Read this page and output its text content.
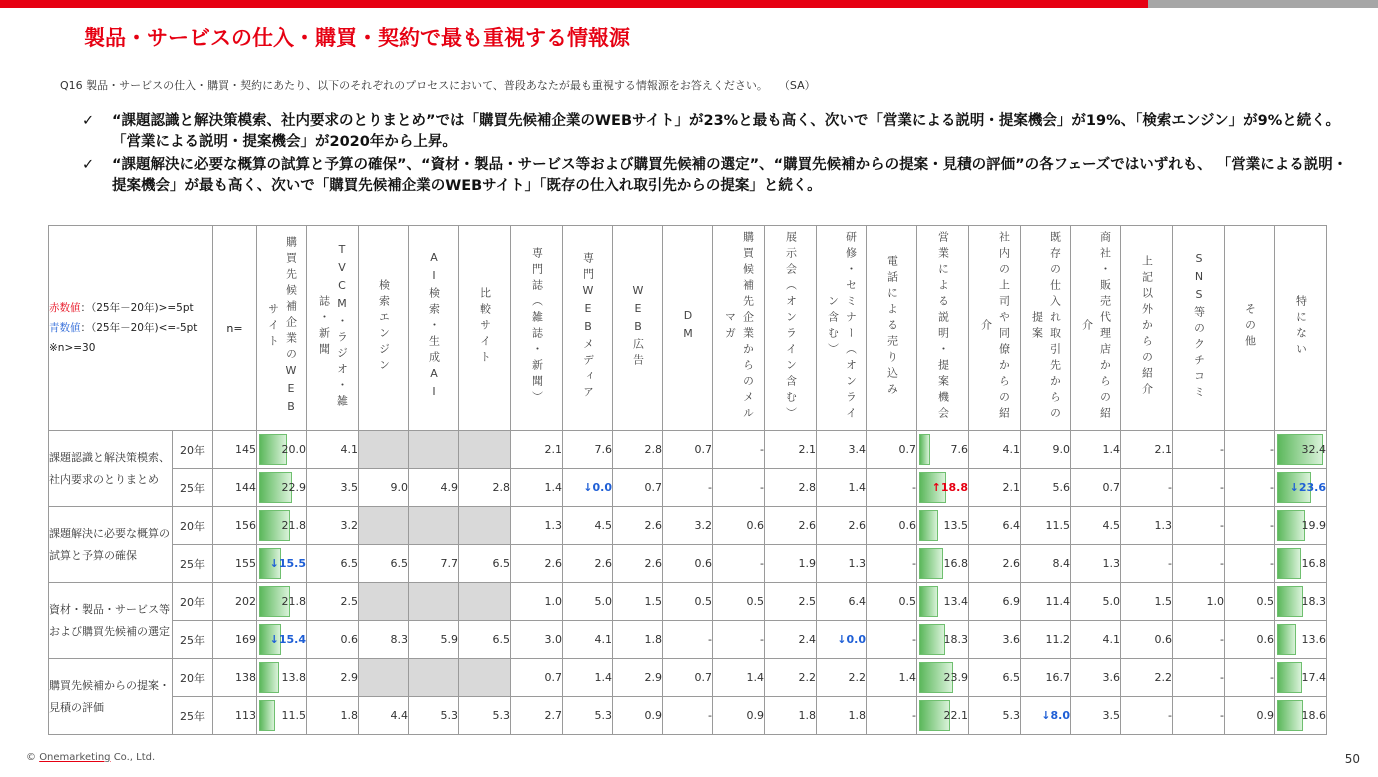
製品・サービスの仕入・購買・契約で最も重視する情報源
Q16 製品・サービスの仕入・購買・契約にあたり、以下のそれぞれのプロセスにおいて、普段あなたが最も重視する情報源をお答えください。　　（SA）
✓	“課題認識と解決策模索、社内要求のとりまとめ”では「購買先候補企業のWEBサイト」が23%と最も高く、次いで「営業による説明・提案機会」が19%、「検索エンジン」が9%と続く。「営業による説明・提案機会」が2020年から上昇。
✓	“課題解決に必要な概算の試算と予算の確保”、“資材・製品・サービス等および購買先候補の選定”、“購買先候補からの提案・見積の評価”の各フェーズではいずれも、 「営業による説明・提案機会」が最も高く、次いで「購買先候補企業のWEBサイト」「既存の仕入れ取引先からの提案」と続く。
赤数値：（25年－20年)>=5pt
青数値：（25年－20年)<=-5pt
※n>=30		n=	購買先候補企業のWEBサイト	TVCM・ラジオ・雑誌・新聞	検索エンジン	AI検索・生成AI	比較サイト	専門誌（雑誌・新聞）	専門WEBメディア	WEB広告	DM	購買候補先企業からのメルマガ	展示会（オンライン含む）	研修・セミナー（オンライン含む）	電話による売り込み	営業による説明・提案機会	社内の上司や同僚からの紹介	既存の仕入れ取引先からの提案	商社・販売代理店からの紹介	上記以外からの紹介	SNS等のクチコミ	その他	特にない

課題認識と解決策模索、社内要求のとりまとめ	20年	145	20.0	4.1				2.1	7.6	2.8	0.7	-	2.1	3.4	0.7	7.6	4.1	9.0	1.4	2.1	-	-	32.4
	25年	144	22.9	3.5	9.0	4.9	2.8	1.4	↓0.0	0.7	-	-	2.8	1.4	-	↑18.8	2.1	5.6	0.7	-	-	-	↓23.6
課題解決に必要な概算の試算と予算の確保	20年	156	21.8	3.2				1.3	4.5	2.6	3.2	0.6	2.6	2.6	0.6	13.5	6.4	11.5	4.5	1.3	-	-	19.9
	25年	155	↓15.5	6.5	6.5	7.7	6.5	2.6	2.6	2.6	0.6	-	1.9	1.3	-	16.8	2.6	8.4	1.3	-	-	-	16.8
資材・製品・サービス等および購買先候補の選定	20年	202	21.8	2.5				1.0	5.0	1.5	0.5	0.5	2.5	6.4	0.5	13.4	6.9	11.4	5.0	1.5	1.0	0.5	18.3
	25年	169	↓15.4	0.6	8.3	5.9	6.5	3.0	4.1	1.8	-	-	2.4	↓0.0	-	18.3	3.6	11.2	4.1	0.6	-	0.6	13.6
購買先候補からの提案・見積の評価	20年	138	13.8	2.9				0.7	1.4	2.9	0.7	1.4	2.2	2.2	1.4	23.9	6.5	16.7	3.6	2.2	-	-	17.4
	25年	113	11.5	1.8	4.4	5.3	5.3	2.7	5.3	0.9	-	0.9	1.8	1.8	-	22.1	5.3	↓8.0	3.5	-	-	0.9	18.6
© Onemarketing Co., Ltd.	50
